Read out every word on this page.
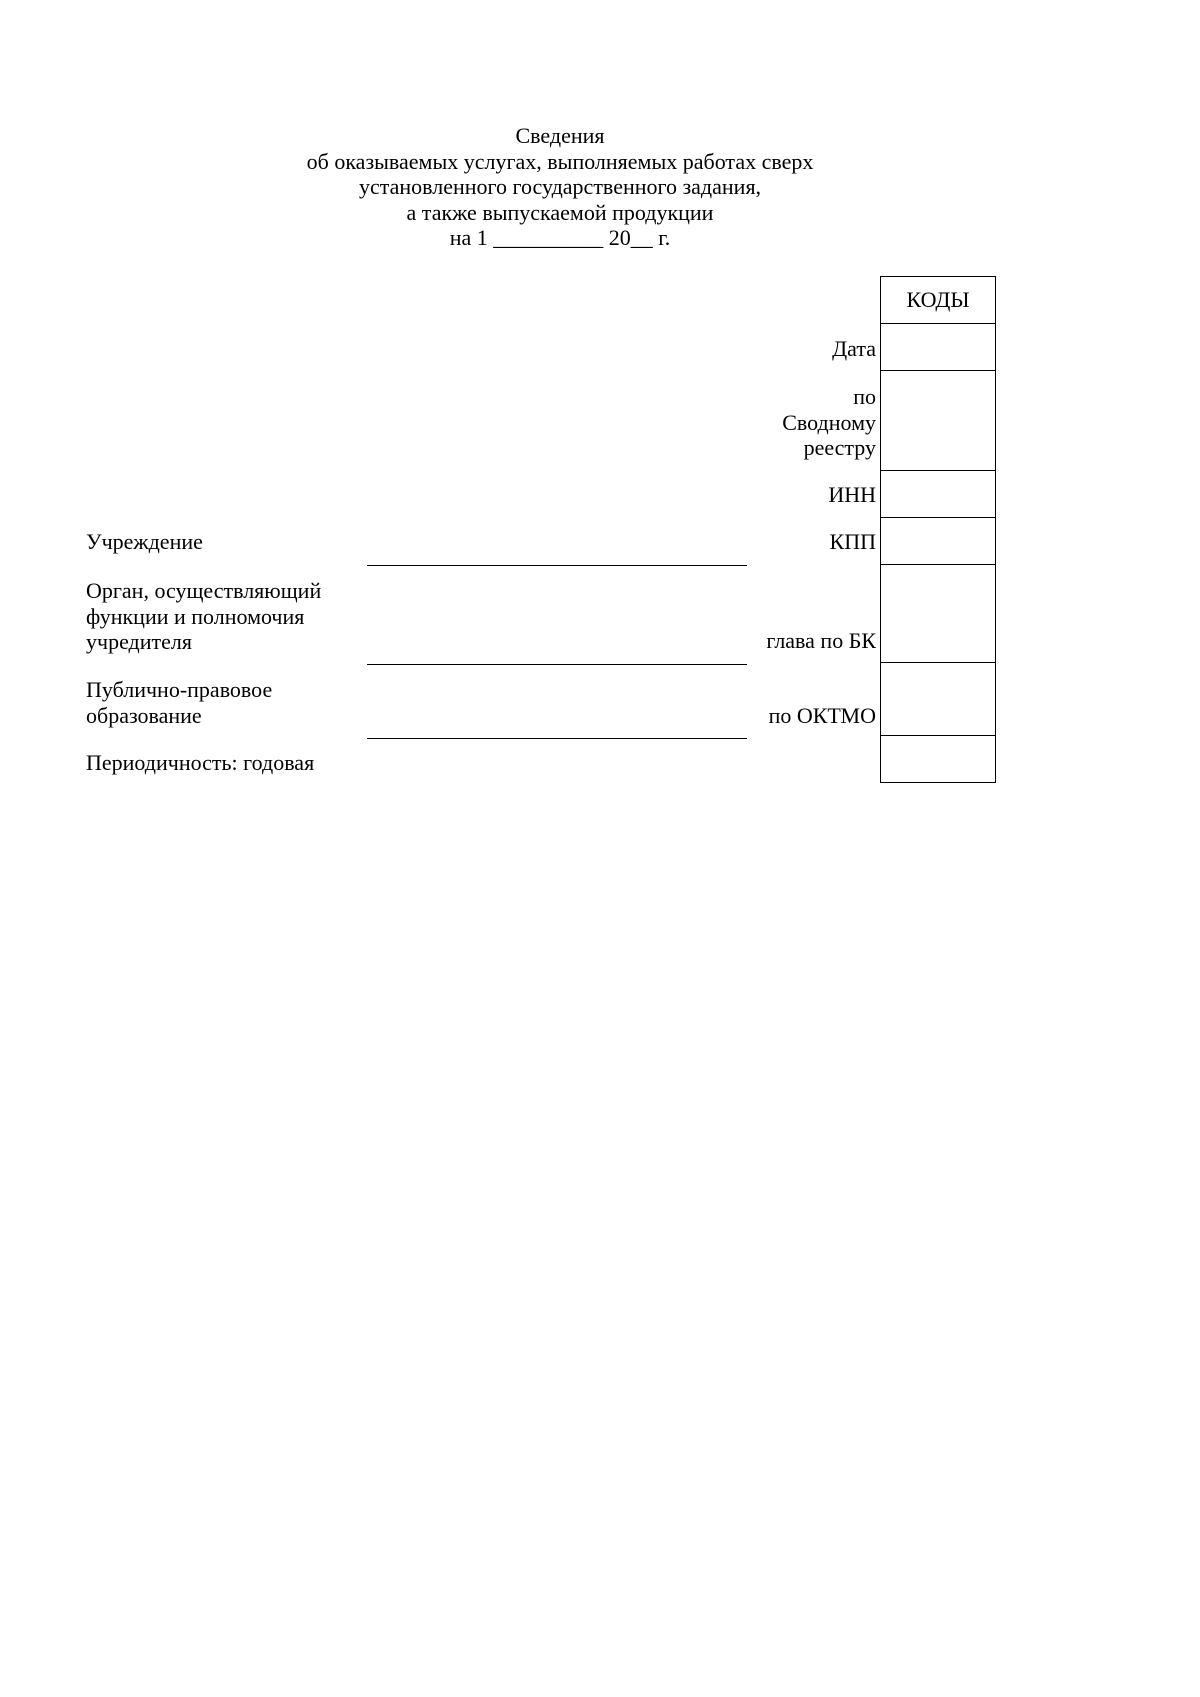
Сведения
об оказываемых услугах, выполняемых работах сверх
установленного государственного задания,
а также выпускаемой продукции
на 1 __________ 20__ г.
КОДЫ
Дата
по
Сводному
реестру
ИНН
КПП
глава по БК
по ОКТМО
Учреждение
Орган, осуществляющий
функции и полномочия
учредителя
Публично-правовое
образование
Периодичность: годовая
